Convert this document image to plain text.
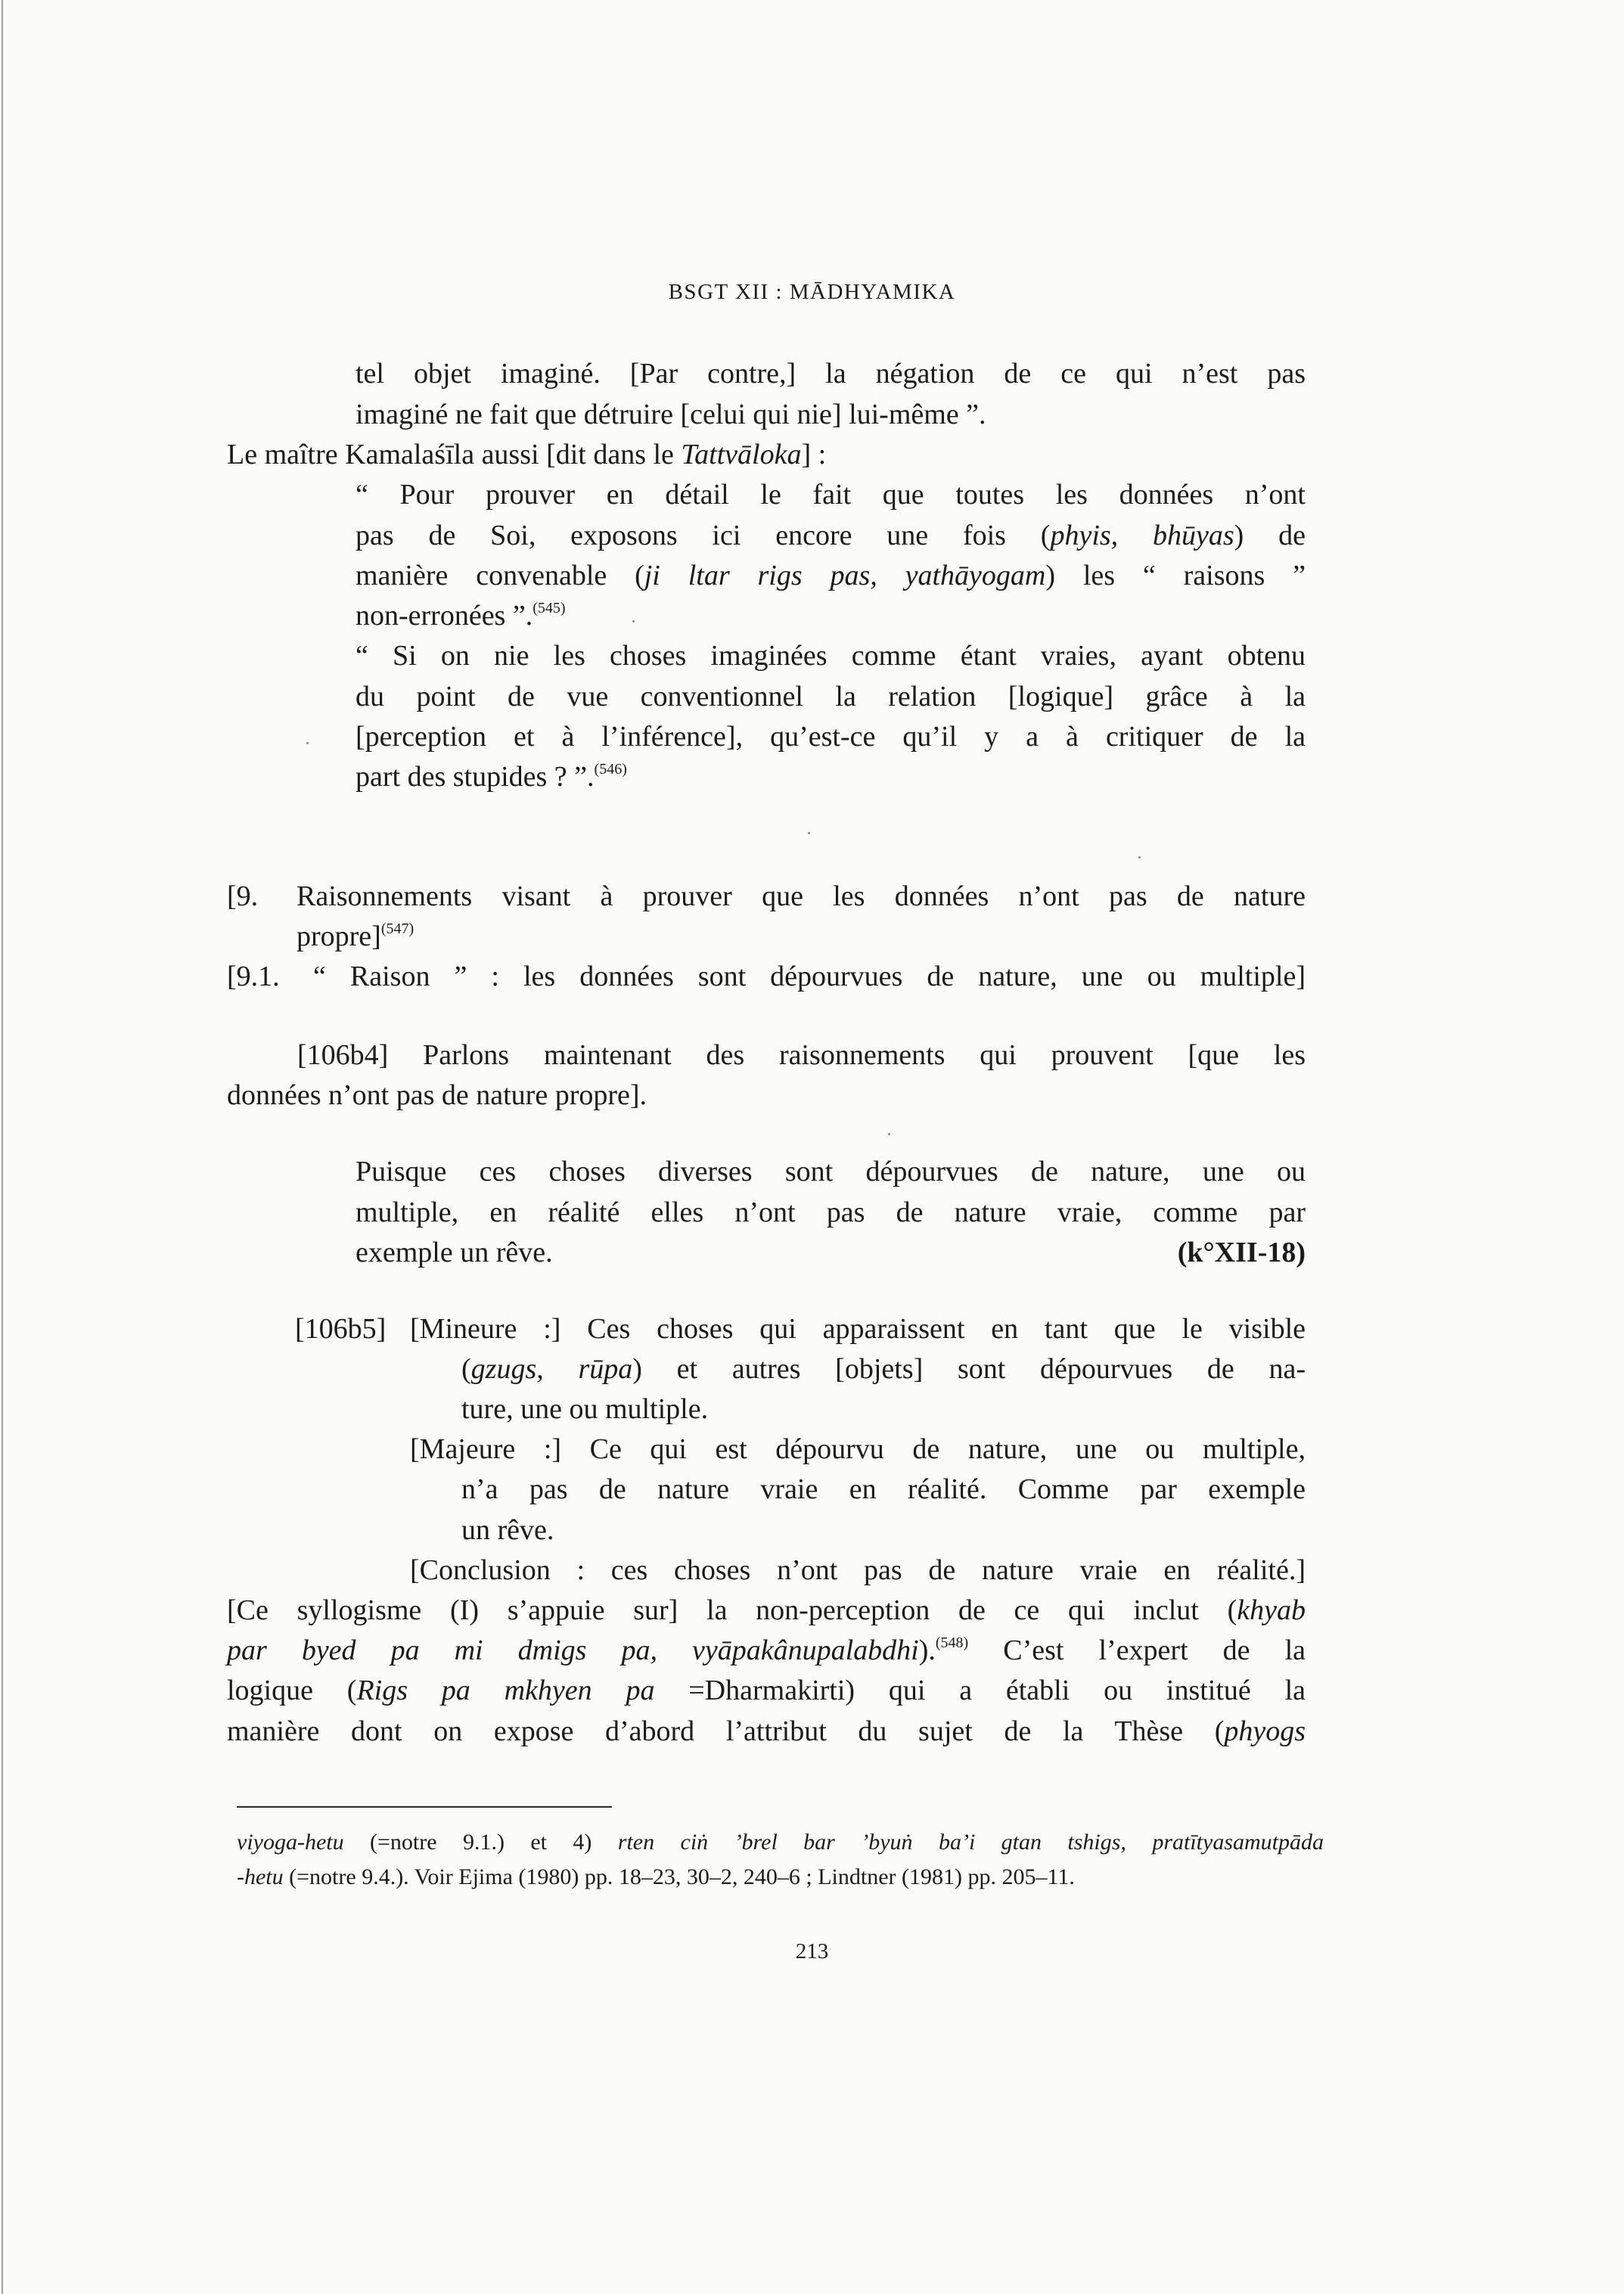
BSGT XII : MĀDHYAMIKA
tel objet imaginé. [Par contre,] la négation de ce qui n’est pas
imaginé ne fait que détruire [celui qui nie] lui-même ”.
Le maître Kamalaśīla aussi [dit dans le Tattvāloka] :
“ Pour prouver en détail le fait que toutes les données n’ont
pas de Soi, exposons ici encore une fois (phyis, bhūyas) de
manière convenable (ji ltar rigs pas, yathāyogam) les “ raisons ”
non-erronées ”.$^{(545)}$
“ Si on nie les choses imaginées comme étant vraies, ayant obtenu
du point de vue conventionnel la relation [logique] grâce à la
[perception et à l’inférence], qu’est-ce qu’il y a à critiquer de la
part des stupides ? ”.$^{(546)}$
[9. Raisonnements visant à prouver que les données n’ont pas de nature
propre]$^{(547)}$
[9.1. “ Raison ” : les données sont dépourvues de nature, une ou multiple]
[106b4] Parlons maintenant des raisonnements qui prouvent [que les
données n’ont pas de nature propre].
Puisque ces choses diverses sont dépourvues de nature, une ou
multiple, en réalité elles n’ont pas de nature vraie, comme par
exemple un rêve.	(k°XII-18)
[106b5] [Mineure :] Ces choses qui apparaissent en tant que le visible
(gzugs, rūpa) et autres [objets] sont dépourvues de na-
ture, une ou multiple.
[Majeure :] Ce qui est dépourvu de nature, une ou multiple,
n’a pas de nature vraie en réalité. Comme par exemple
un rêve.
[Conclusion : ces choses n’ont pas de nature vraie en réalité.]
[Ce syllogisme (I) s’appuie sur] la non-perception de ce qui inclut (khyab
par byed pa mi dmigs pa, vyāpakânupalabdhi).$^{(548)}$ C’est l’expert de la
logique (Rigs pa mkhyen pa =Dharmakirti) qui a établi ou institué la
manière dont on expose d’abord l’attribut du sujet de la Thèse (phyogs
viyoga-hetu (=notre 9.1.) et 4) rten ciṅ ’brel bar ’byuṅ ba’i gtan tshigs, pratītyasamutpāda
-hetu (=notre 9.4.). Voir Ejima (1980) pp. 18–23, 30–2, 240–6 ; Lindtner (1981) pp. 205–11.
213
